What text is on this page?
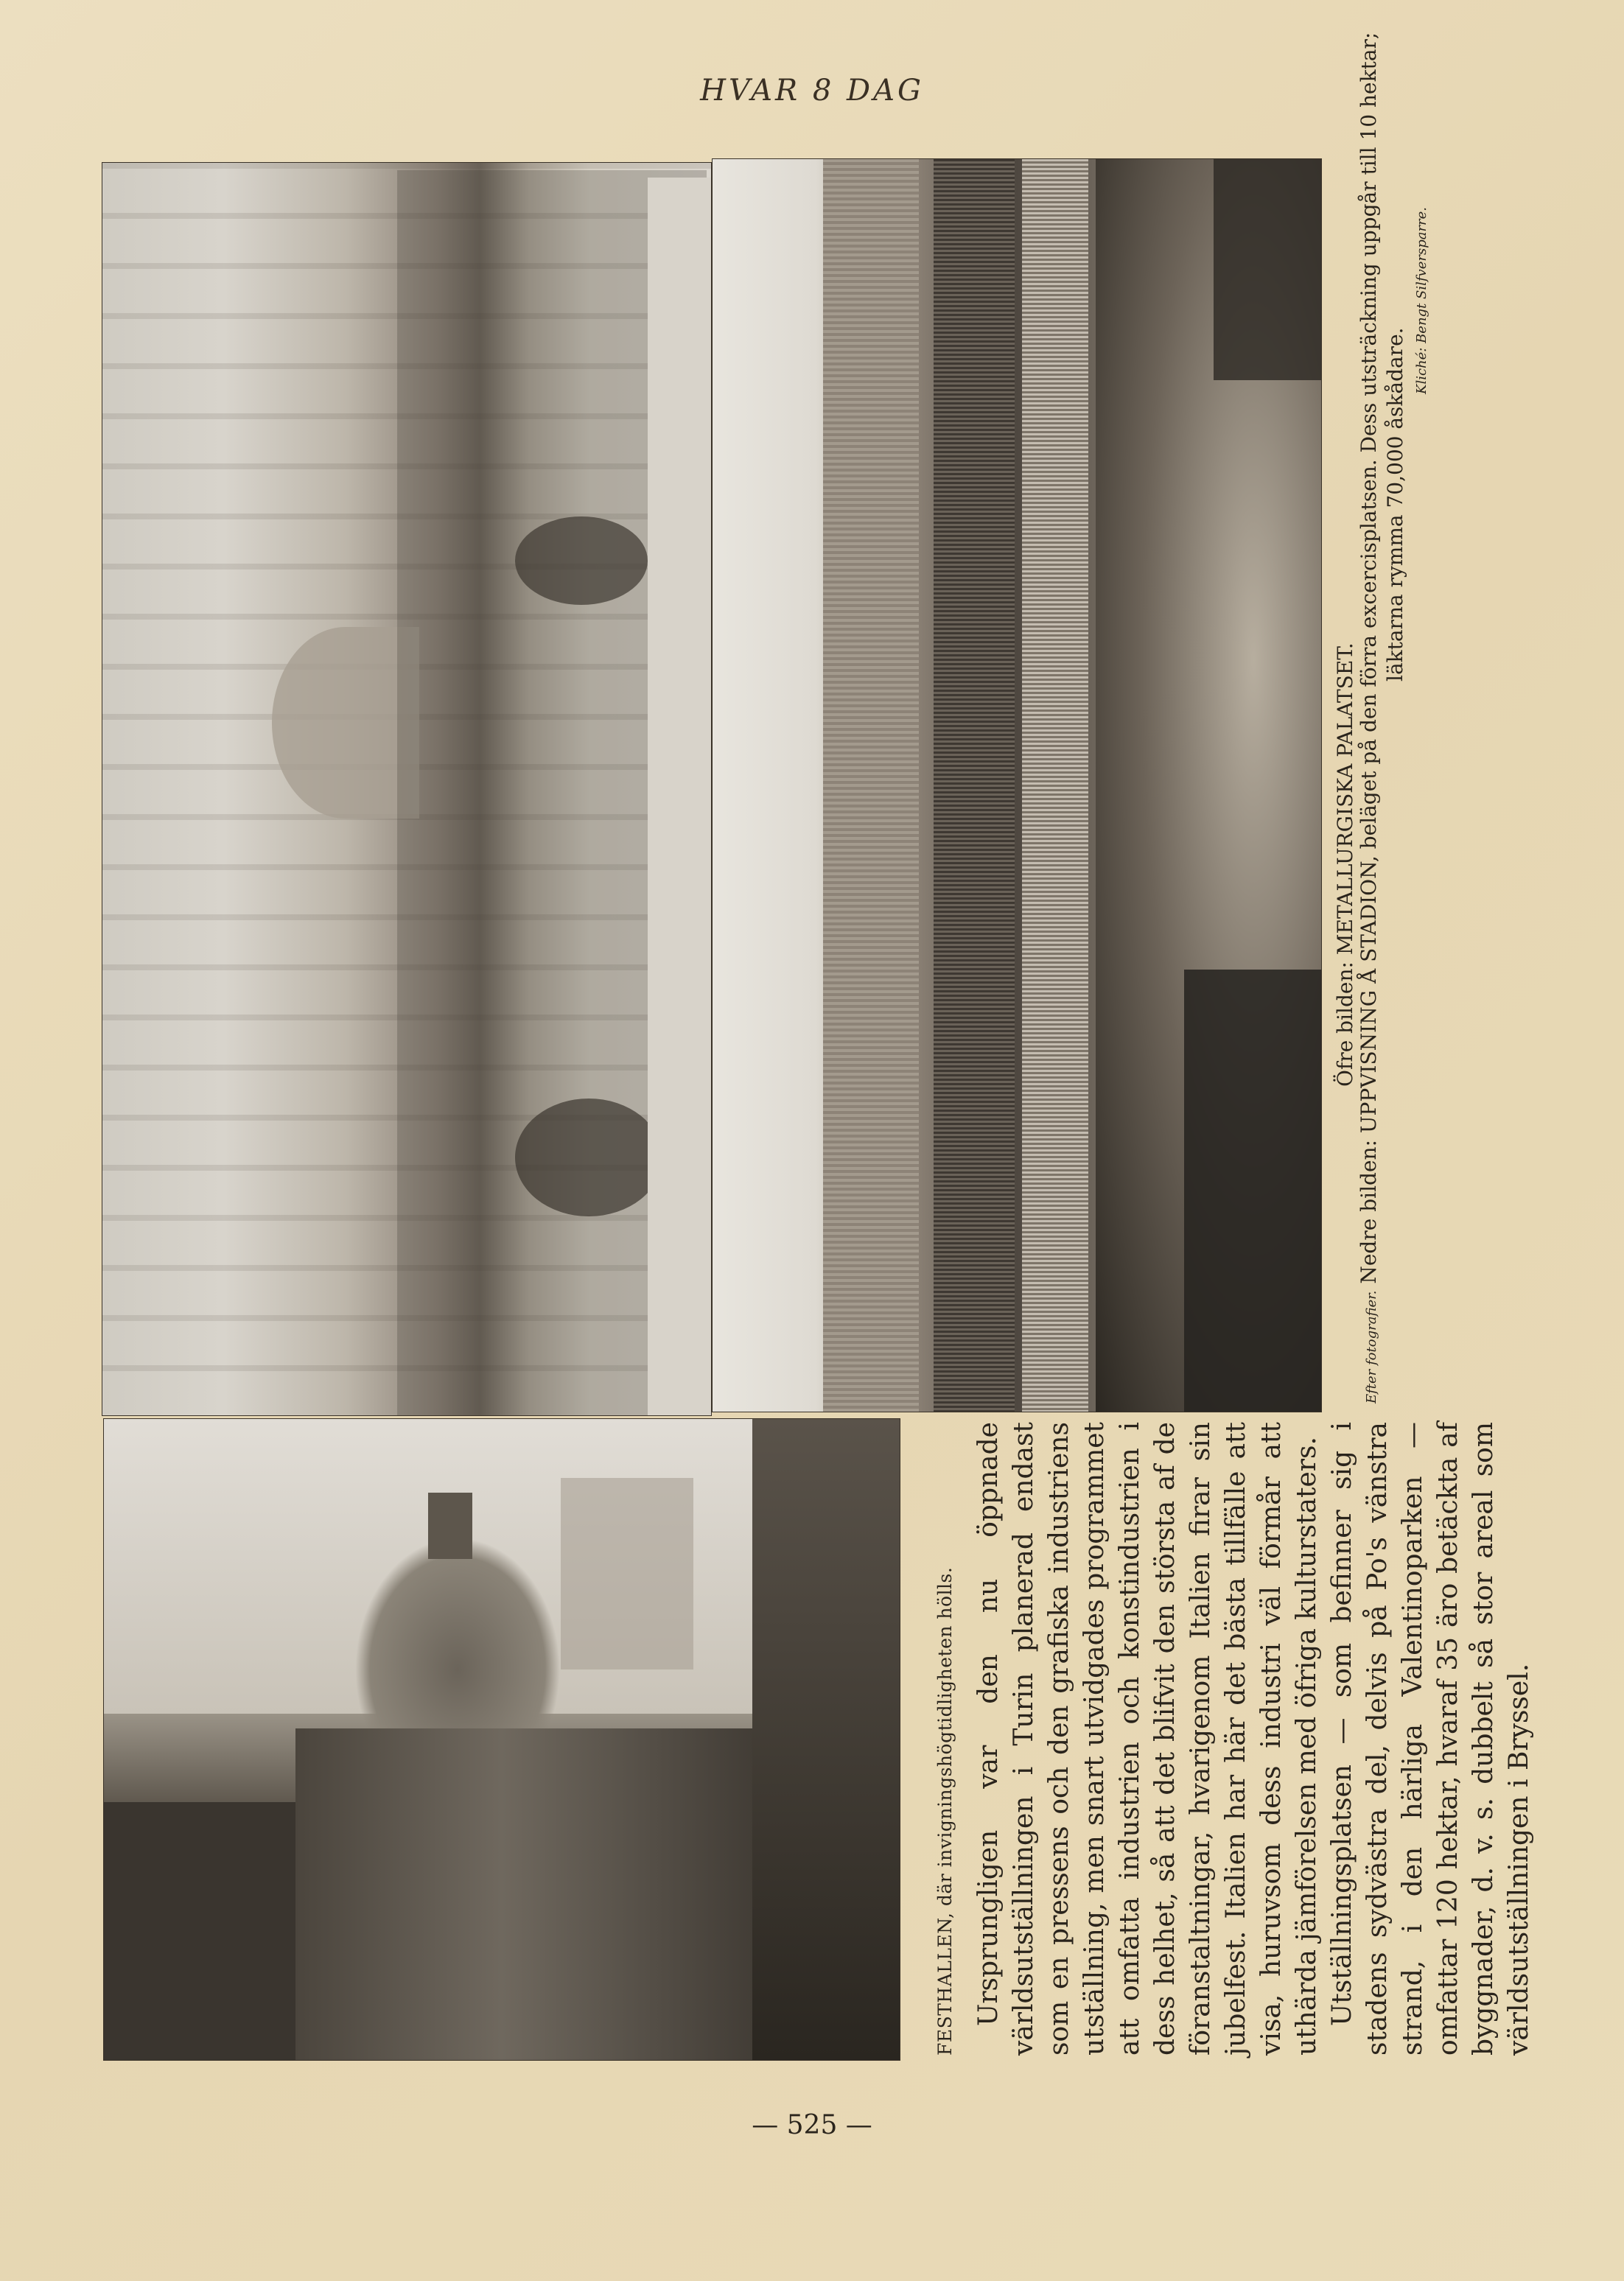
HVAR 8 DAG
FESTHALLEN, där invigningshögtidligheten hölls. Ursprungligen var den nu öppnade världsutställningen i Turin planerad endast som en pressens och den grafiska industriens utställning, men snart utvidgades programmet att omfatta industrien och konstindustrien i dess helhet, så att det blifvit den största af de föranstaltningar, hvarigenom Italien firar sin jubelfest. Italien har här det bästa tillfälle att visa, huruvsom dess industri väl förmår att uthärda jämförelsen med öfriga kulturstaters. Utställningsplatsen — som befinner sig i stadens sydvästra del, delvis på Po's vänstra strand, i den härliga Valentinoparken — omfattar 120 hektar, hvaraf 35 äro betäckta af byggnader, d. v. s. dubbelt så stor areal som världsutställningen i Bryssel.

Öfre bilden: METALLURGISKA PALATSET.
Efter fotografier. Nedre bilden: UPPVISNING Å STADION, beläget på den förra excercisplatsen. Dess utsträckning uppgår till 10 hektar; läktarna rymma 70,000 åskådare.
Kliché: Bengt Silfversparre.
— 525 —
